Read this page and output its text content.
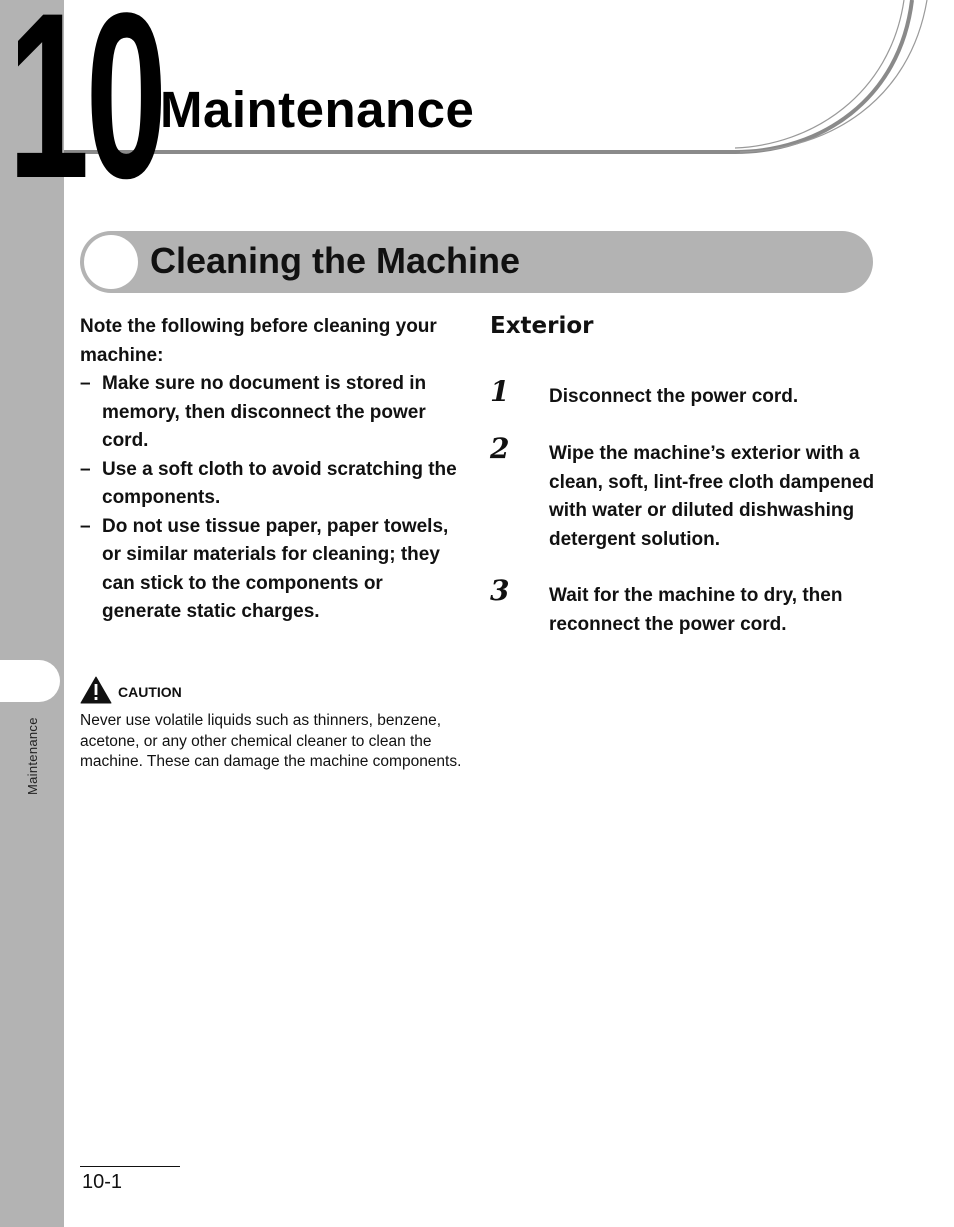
Maintenance
10
Maintenance
Cleaning the Machine

Note the following before cleaning your machine:

– Make sure no document is stored in memory, then disconnect the power cord.
– Use a soft cloth to avoid scratching the components.
– Do not use tissue paper, paper towels, or similar materials for cleaning; they can stick to the components or generate static charges.
CAUTION
Never use volatile liquids such as thinners, benzene, acetone, or any other chemical cleaner to clean the machine. These can damage the machine components.
Exterior
1 Disconnect the power cord.
2 Wipe the machine’s exterior with a clean, soft, lint-free cloth dampened with water or diluted dishwashing detergent solution.
3 Wait for the machine to dry, then reconnect the power cord.
10-1
